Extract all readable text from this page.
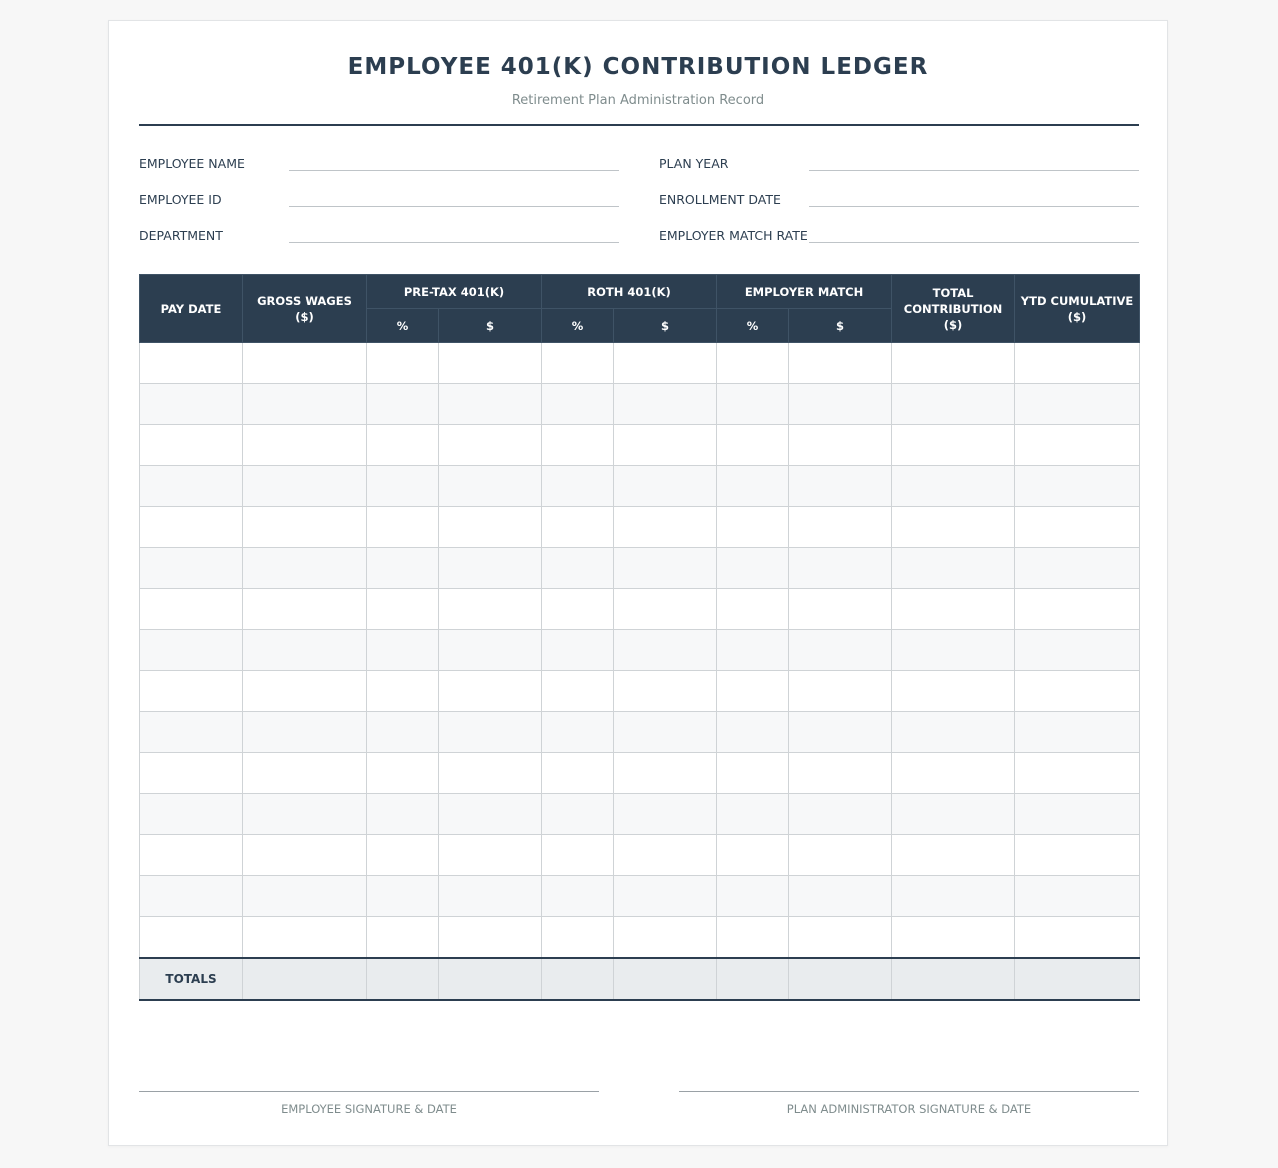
EMPLOYEE 401(K) CONTRIBUTION LEDGER
Retirement Plan Administration Record
EMPLOYEE NAME
EMPLOYEE ID
DEPARTMENT
PLAN YEAR
ENROLLMENT DATE
EMPLOYER MATCH RATE
PAY DATE	GROSS WAGES ($)	PRE-TAX 401(K)		ROTH 401(K)		EMPLOYER MATCH		TOTAL CONTRIBUTION ($)	YTD CUMULATIVE ($)
		%	$	%	$	%	$		

TOTALS									
EMPLOYEE SIGNATURE & DATE	PLAN ADMINISTRATOR SIGNATURE & DATE
